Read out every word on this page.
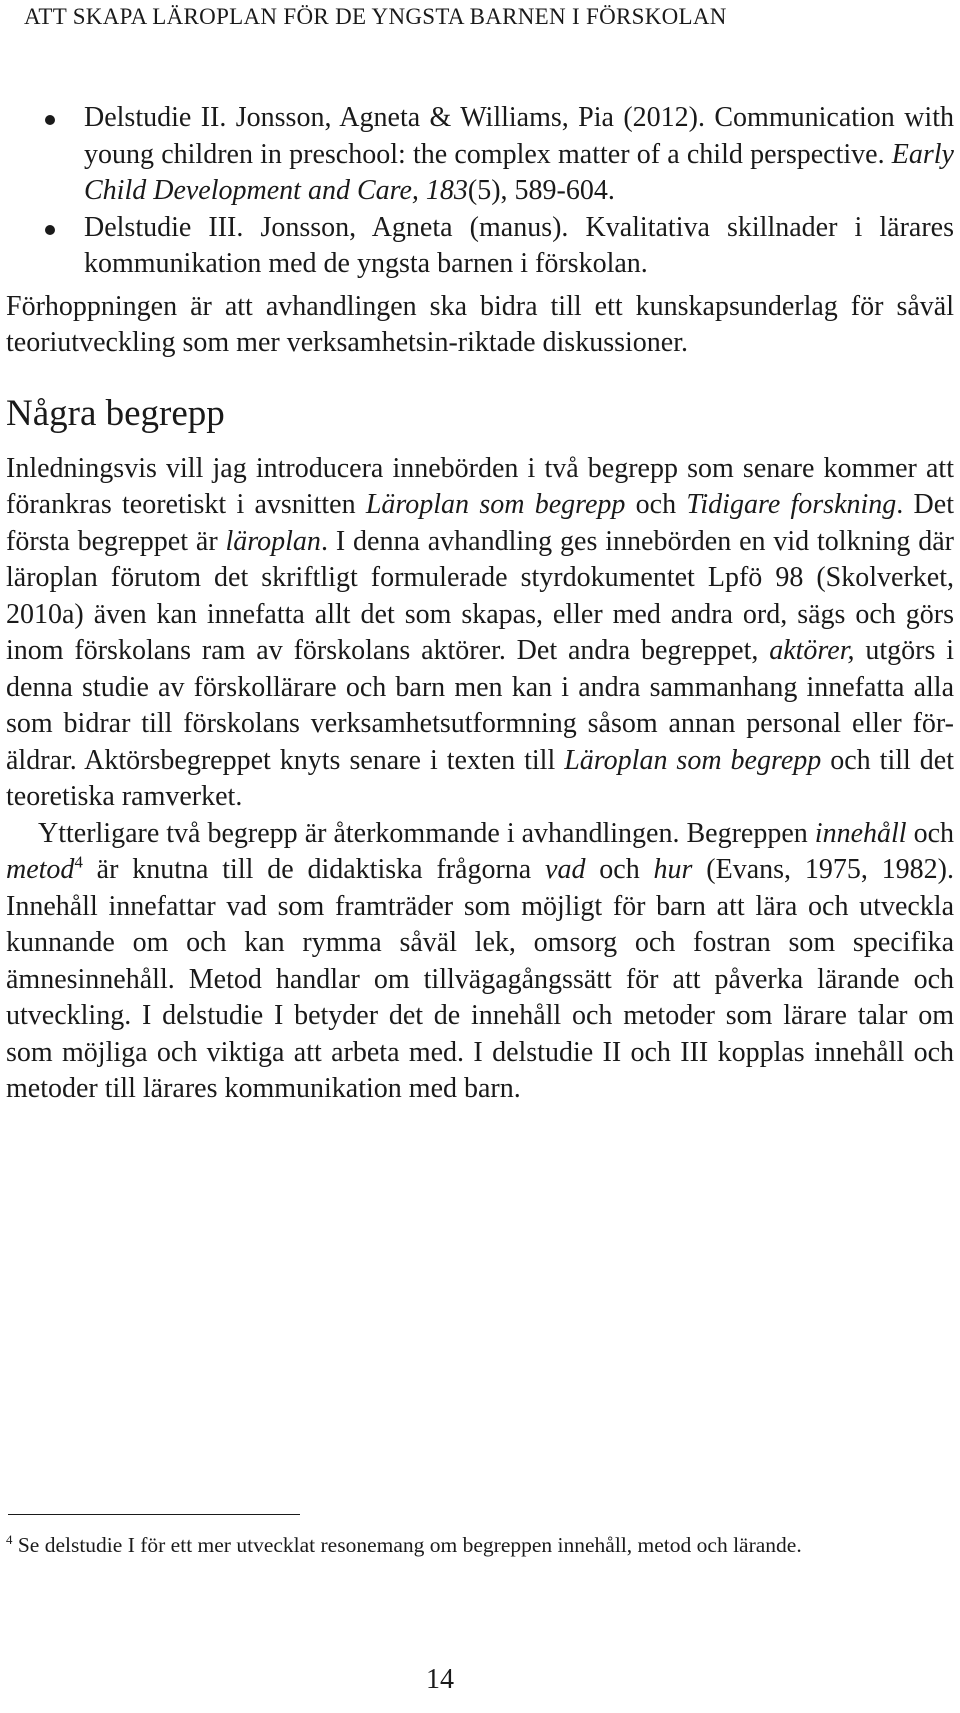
ATT SKAPA LÄROPLAN FÖR DE YNGSTA BARNEN I FÖRSKOLAN
Delstudie II. Jonsson, Agneta & Williams, Pia (2012). Communication with young children in preschool: the complex matter of a child perspective. Early Child Development and Care, 183(5), 589-604.
Delstudie III. Jonsson, Agneta (manus). Kvalitativa skillnader i lärares kommunikation med de yngsta barnen i förskolan.

Förhoppningen är att avhandlingen ska bidra till ett kunskapsunderlag för såväl teoriutveckling som mer verksamhetsin-riktade diskussioner.

Några begrepp

Inledningsvis vill jag introducera innebörden i två begrepp som senare kommer att förankras teoretiskt i avsnitten Läroplan som begrepp och Tidigare forskning. Det första begreppet är läroplan. I denna avhandling ges innebörden en vid tolkning där läroplan förutom det skriftligt formulerade styrdokumentet Lpfö 98 (Skolverket, 2010a) även kan innefatta allt det som skapas, eller med andra ord, sägs och görs inom förskolans ram av förskolans aktörer. Det andra begreppet, aktörer, utgörs i denna studie av förskollärare och barn men kan i andra sammanhang innefatta alla som bidrar till förskolans verksamhetsutformning såsom annan personal eller för-äldrar. Aktörsbegreppet knyts senare i texten till Läroplan som begrepp och till det teoretiska ramverket.

Ytterligare två begrepp är återkommande i avhandlingen. Begreppen innehåll och metod$^4$ är knutna till de didaktiska frågorna vad och hur (Evans, 1975, 1982). Innehåll innefattar vad som framträder som möjligt för barn att lära och utveckla kunnande om och kan rymma såväl lek, omsorg och fostran som specifika ämnesinnehåll. Metod handlar om tillvägagångssätt för att påverka lärande och utveckling. I delstudie I betyder det de innehåll och metoder som lärare talar om som möjliga och viktiga att arbeta med. I delstudie II och III kopplas innehåll och metoder till lärares kommunikation med barn.

$^4$ Se delstudie I för ett mer utvecklat resonemang om begreppen innehåll, metod och lärande.
14
